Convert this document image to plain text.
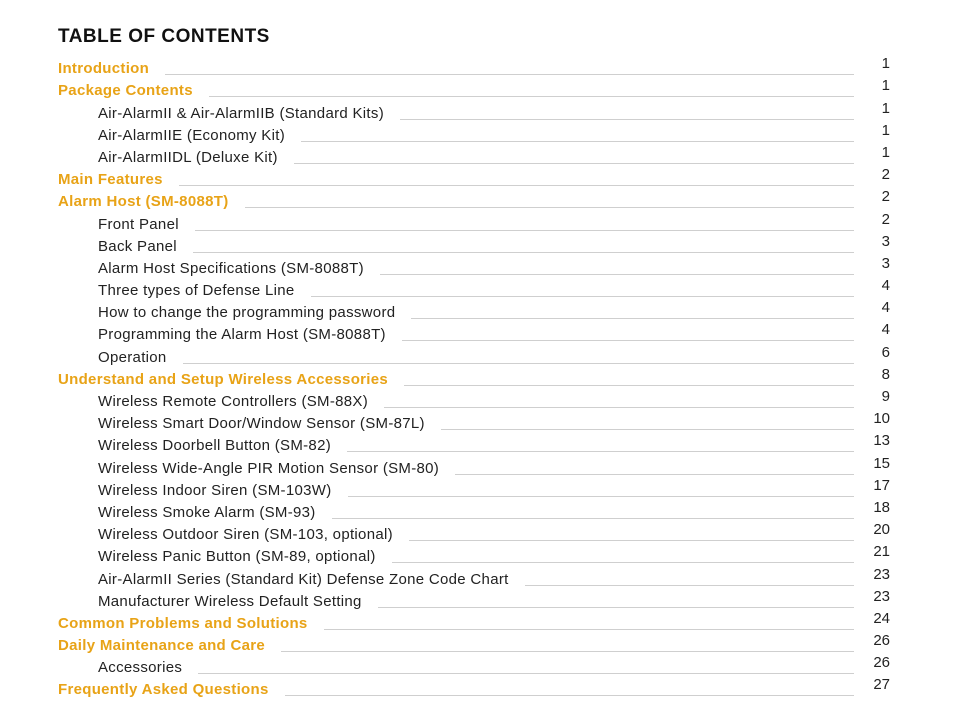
TABLE OF CONTENTS
Introduction	1
Package Contents	1
Air-AlarmII & Air-AlarmIIB (Standard Kits)	1
Air-AlarmIIE (Economy Kit)	1
Air-AlarmIIDL (Deluxe Kit)	1
Main Features	2
Alarm Host (SM-8088T)	2
Front Panel	2
Back Panel	3
Alarm Host Specifications (SM-8088T)	3
Three types of Defense Line	4
How to change the programming password	4
Programming the Alarm Host (SM-8088T)	4
Operation	6
Understand and Setup Wireless Accessories	8
Wireless Remote Controllers (SM-88X)	9
Wireless Smart Door/Window Sensor (SM-87L)	10
Wireless Doorbell Button (SM-82)	13
Wireless Wide-Angle PIR Motion Sensor (SM-80)	15
Wireless Indoor Siren (SM-103W)	17
Wireless Smoke Alarm (SM-93)	18
Wireless Outdoor Siren (SM-103, optional)	20
Wireless Panic Button (SM-89, optional)	21
Air-AlarmII Series (Standard Kit) Defense Zone Code Chart	23
Manufacturer Wireless Default Setting	23
Common Problems and Solutions	24
Daily Maintenance and Care	26
Accessories	26
Frequently Asked Questions	27
